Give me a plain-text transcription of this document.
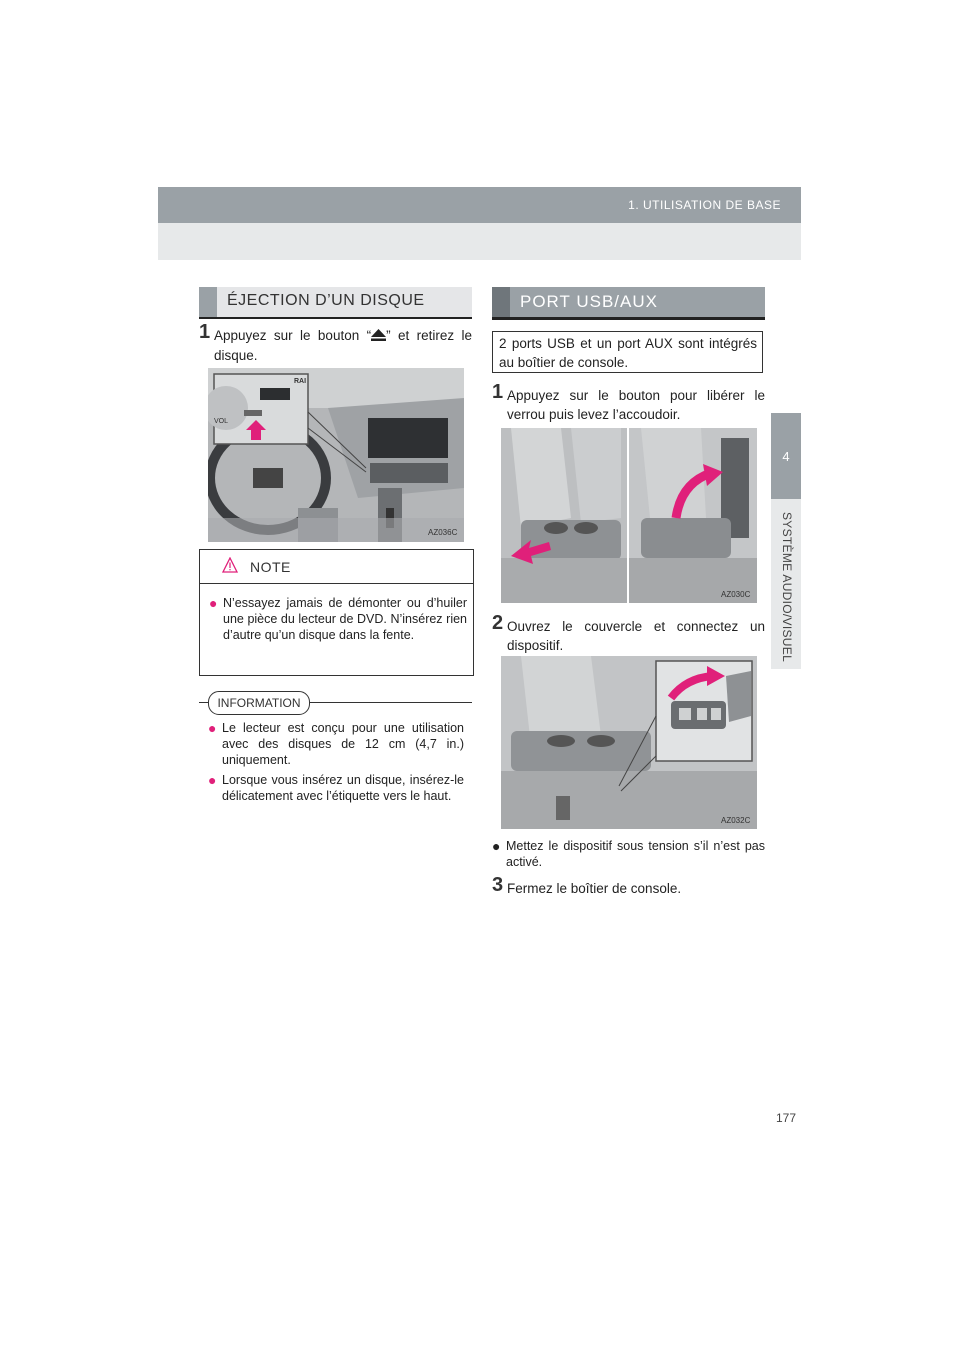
1. UTILISATION DE BASE
4
SYSTÈME AUDIO/VISUEL
ÉJECTION D’UN DISQUE
1 Appuyez sur le bouton “ ” et retirez le disque.
VOL
RAI
AZ036C
NOTE
● N’essayez jamais de démonter ou d’huiler une pièce du lecteur de DVD. N’insérez rien d’autre qu’un disque dans la fente.
INFORMATION
● Le lecteur est conçu pour une utilisation avec des disques de 12 cm (4,7 in.) uniquement.
● Lorsque vous insérez un disque, insérez-le délicatement avec l’étiquette vers le haut.
PORT USB/AUX
2 ports USB et un port AUX sont intégrés au boîtier de console.
1 Appuyez sur le bouton pour libérer le verrou puis levez l’accoudoir.
AZ030C
2 Ouvrez le couvercle et connectez un dispositif.
AZ032C
● Mettez le dispositif sous tension s’il n’est pas activé.
3 Fermez le boîtier de console.
177
